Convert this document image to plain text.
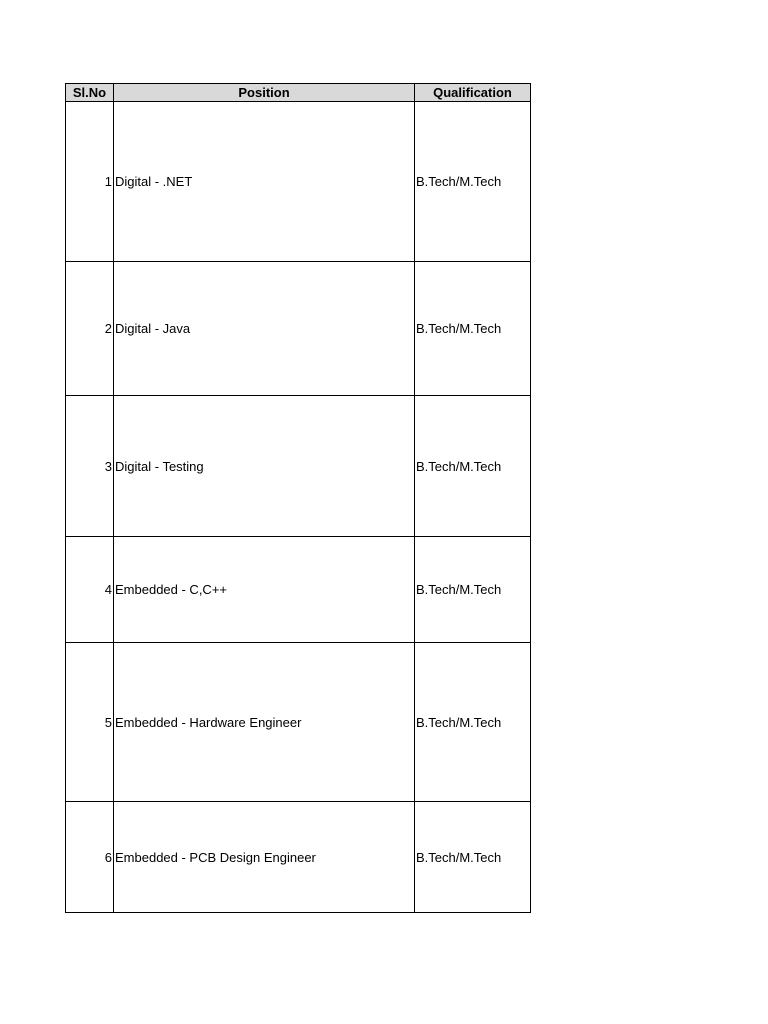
Sl.No	Position	Qualification
1	Digital - .NET	B.Tech/M.Tech
2	Digital - Java	B.Tech/M.Tech
3	Digital - Testing	B.Tech/M.Tech
4	Embedded - C,C++	B.Tech/M.Tech
5	Embedded - Hardware Engineer	B.Tech/M.Tech
6	Embedded - PCB Design Engineer	B.Tech/M.Tech
